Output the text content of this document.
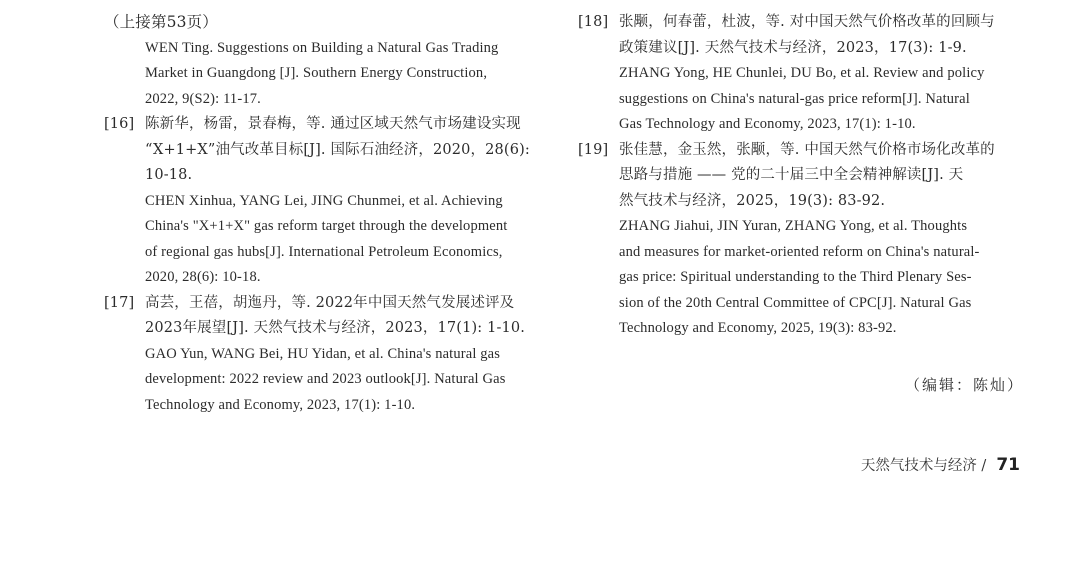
（上接第53页）
WEN Ting. Suggestions on Building a Natural Gas Trading
Market in Guangdong [J]. Southern Energy Construction,
2022, 9(S2): 11-17.
[16] 陈新华，杨雷，景春梅，等. 通过区域天然气市场建设实现
“X+1+X”油气改革目标[J]. 国际石油经济，2020，28(6):
10-18.
CHEN Xinhua, YANG Lei, JING Chunmei, et al. Achieving
China's "X+1+X" gas reform target through the development
of regional gas hubs[J]. International Petroleum Economics,
2020, 28(6): 10-18.
[17] 高芸，王蓓，胡迤丹，等. 2022年中国天然气发展述评及
2023年展望[J]. 天然气技术与经济，2023，17(1): 1-10.
GAO Yun, WANG Bei, HU Yidan, et al. China's natural gas
development: 2022 review and 2023 outlook[J]. Natural Gas
Technology and Economy, 2023, 17(1): 1-10.
[18] 张颙，何春蕾，杜波，等. 对中国天然气价格改革的回顾与
政策建议[J]. 天然气技术与经济，2023，17(3): 1-9.
ZHANG Yong, HE Chunlei, DU Bo, et al. Review and policy
suggestions on China's natural-gas price reform[J]. Natural
Gas Technology and Economy, 2023, 17(1): 1-10.
[19] 张佳慧，金玉然，张颙，等. 中国天然气价格市场化改革的
思路与措施 —— 党的二十届三中全会精神解读[J]. 天
然气技术与经济，2025，19(3): 83-92.
ZHANG Jiahui, JIN Yuran, ZHANG Yong, et al. Thoughts
and measures for market-oriented reform on China's natural-
gas price: Spiritual understanding to the Third Plenary Ses-
sion of the 20th Central Committee of CPC[J]. Natural Gas
Technology and Economy, 2025, 19(3): 83-92.
（编辑：陈灿）
天然气技术与经济 / 71
